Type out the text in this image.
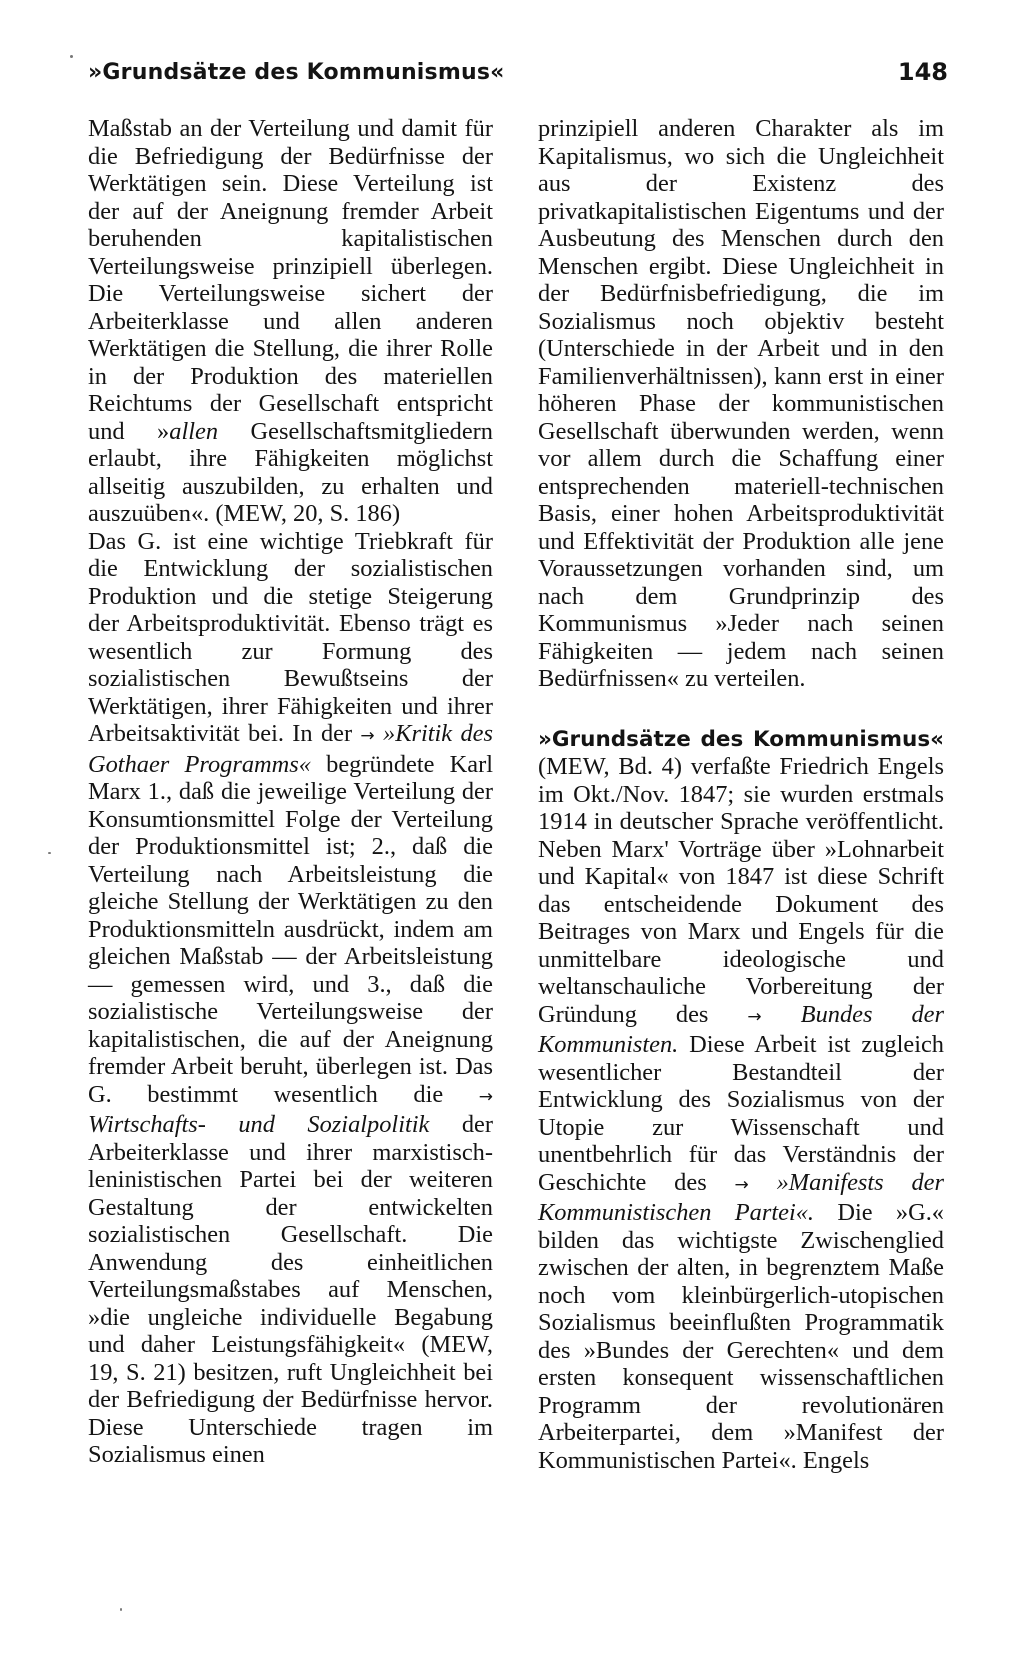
»Grundsätze des Kommunismus«	148

Maßstab an der Verteilung und damit für die Befriedigung der Bedürfnisse der Werktätigen sein. Diese Verteilung ist der auf der Aneignung fremder Arbeit beruhenden kapitalistischen Verteilungsweise prinzipiell überlegen. Die Verteilungsweise sichert der Arbeiterklasse und allen anderen Werktätigen die Stellung, die ihrer Rolle in der Produktion des materiellen Reichtums der Gesellschaft entspricht und »allen Gesellschaftsmitgliedern erlaubt, ihre Fähigkeiten möglichst allseitig auszubilden, zu erhalten und auszuüben«. (MEW, 20, S. 186)

Das G. ist eine wichtige Triebkraft für die Entwicklung der sozialistischen Produktion und die stetige Steigerung der Arbeitsproduktivität. Ebenso trägt es wesentlich zur Formung des sozialistischen Bewußtseins der Werktätigen, ihrer Fähigkeiten und ihrer Arbeitsaktivität bei. In der → »Kritik des Gothaer Programms« begründete Karl Marx 1., daß die jeweilige Verteilung der Konsumtionsmittel Folge der Verteilung der Produktionsmittel ist; 2., daß die Verteilung nach Arbeitsleistung die gleiche Stellung der Werktätigen zu den Produktionsmitteln ausdrückt, indem am gleichen Maßstab — der Arbeitsleistung — gemessen wird, und 3., daß die sozialistische Verteilungsweise der kapitalistischen, die auf der Aneignung fremder Arbeit beruht, überlegen ist. Das G. bestimmt wesentlich die → Wirtschafts- und Sozialpolitik der Arbeiterklasse und ihrer marxistisch-leninistischen Partei bei der weiteren Gestaltung der entwickelten sozialistischen Gesellschaft. Die Anwendung des einheitlichen Verteilungsmaßstabes auf Menschen, »die ungleiche individuelle Begabung und daher Leistungsfähigkeit« (MEW, 19, S. 21) besitzen, ruft Ungleichheit bei der Befriedigung der Bedürfnisse hervor. Diese Unterschiede tragen im Sozialismus einen

prinzipiell anderen Charakter als im Kapitalismus, wo sich die Ungleichheit aus der Existenz des privatkapitalistischen Eigentums und der Ausbeutung des Menschen durch den Menschen ergibt. Diese Ungleichheit in der Bedürfnisbefriedigung, die im Sozialismus noch objektiv besteht (Unterschiede in der Arbeit und in den Familienverhältnissen), kann erst in einer höheren Phase der kommunistischen Gesellschaft überwunden werden, wenn vor allem durch die Schaffung einer entsprechenden materiell-technischen Basis, einer hohen Arbeitsproduktivität und Effektivität der Produktion alle jene Voraussetzungen vorhanden sind, um nach dem Grundprinzip des Kommunismus »Jeder nach seinen Fähigkeiten — jedem nach seinen Bedürfnissen« zu verteilen.

»Grundsätze des Kommunismus« (MEW, Bd. 4) verfaßte Friedrich Engels im Okt./Nov. 1847; sie wurden erstmals 1914 in deutscher Sprache veröffentlicht. Neben Marx' Vorträge über »Lohnarbeit und Kapital« von 1847 ist diese Schrift das entscheidende Dokument des Beitrages von Marx und Engels für die unmittelbare ideologische und weltanschauliche Vorbereitung der Gründung des → Bundes der Kommunisten. Diese Arbeit ist zugleich wesentlicher Bestandteil der Entwicklung des Sozialismus von der Utopie zur Wissenschaft und unentbehrlich für das Verständnis der Geschichte des → »Manifests der Kommunistischen Partei«. Die »G.« bilden das wichtigste Zwischenglied zwischen der alten, in begrenztem Maße noch vom kleinbürgerlich-utopischen Sozialismus beeinflußten Programmatik des »Bundes der Gerechten« und dem ersten konsequent wissenschaftlichen Programm der revolutionären Arbeiterpartei, dem »Manifest der Kommunistischen Partei«. Engels
